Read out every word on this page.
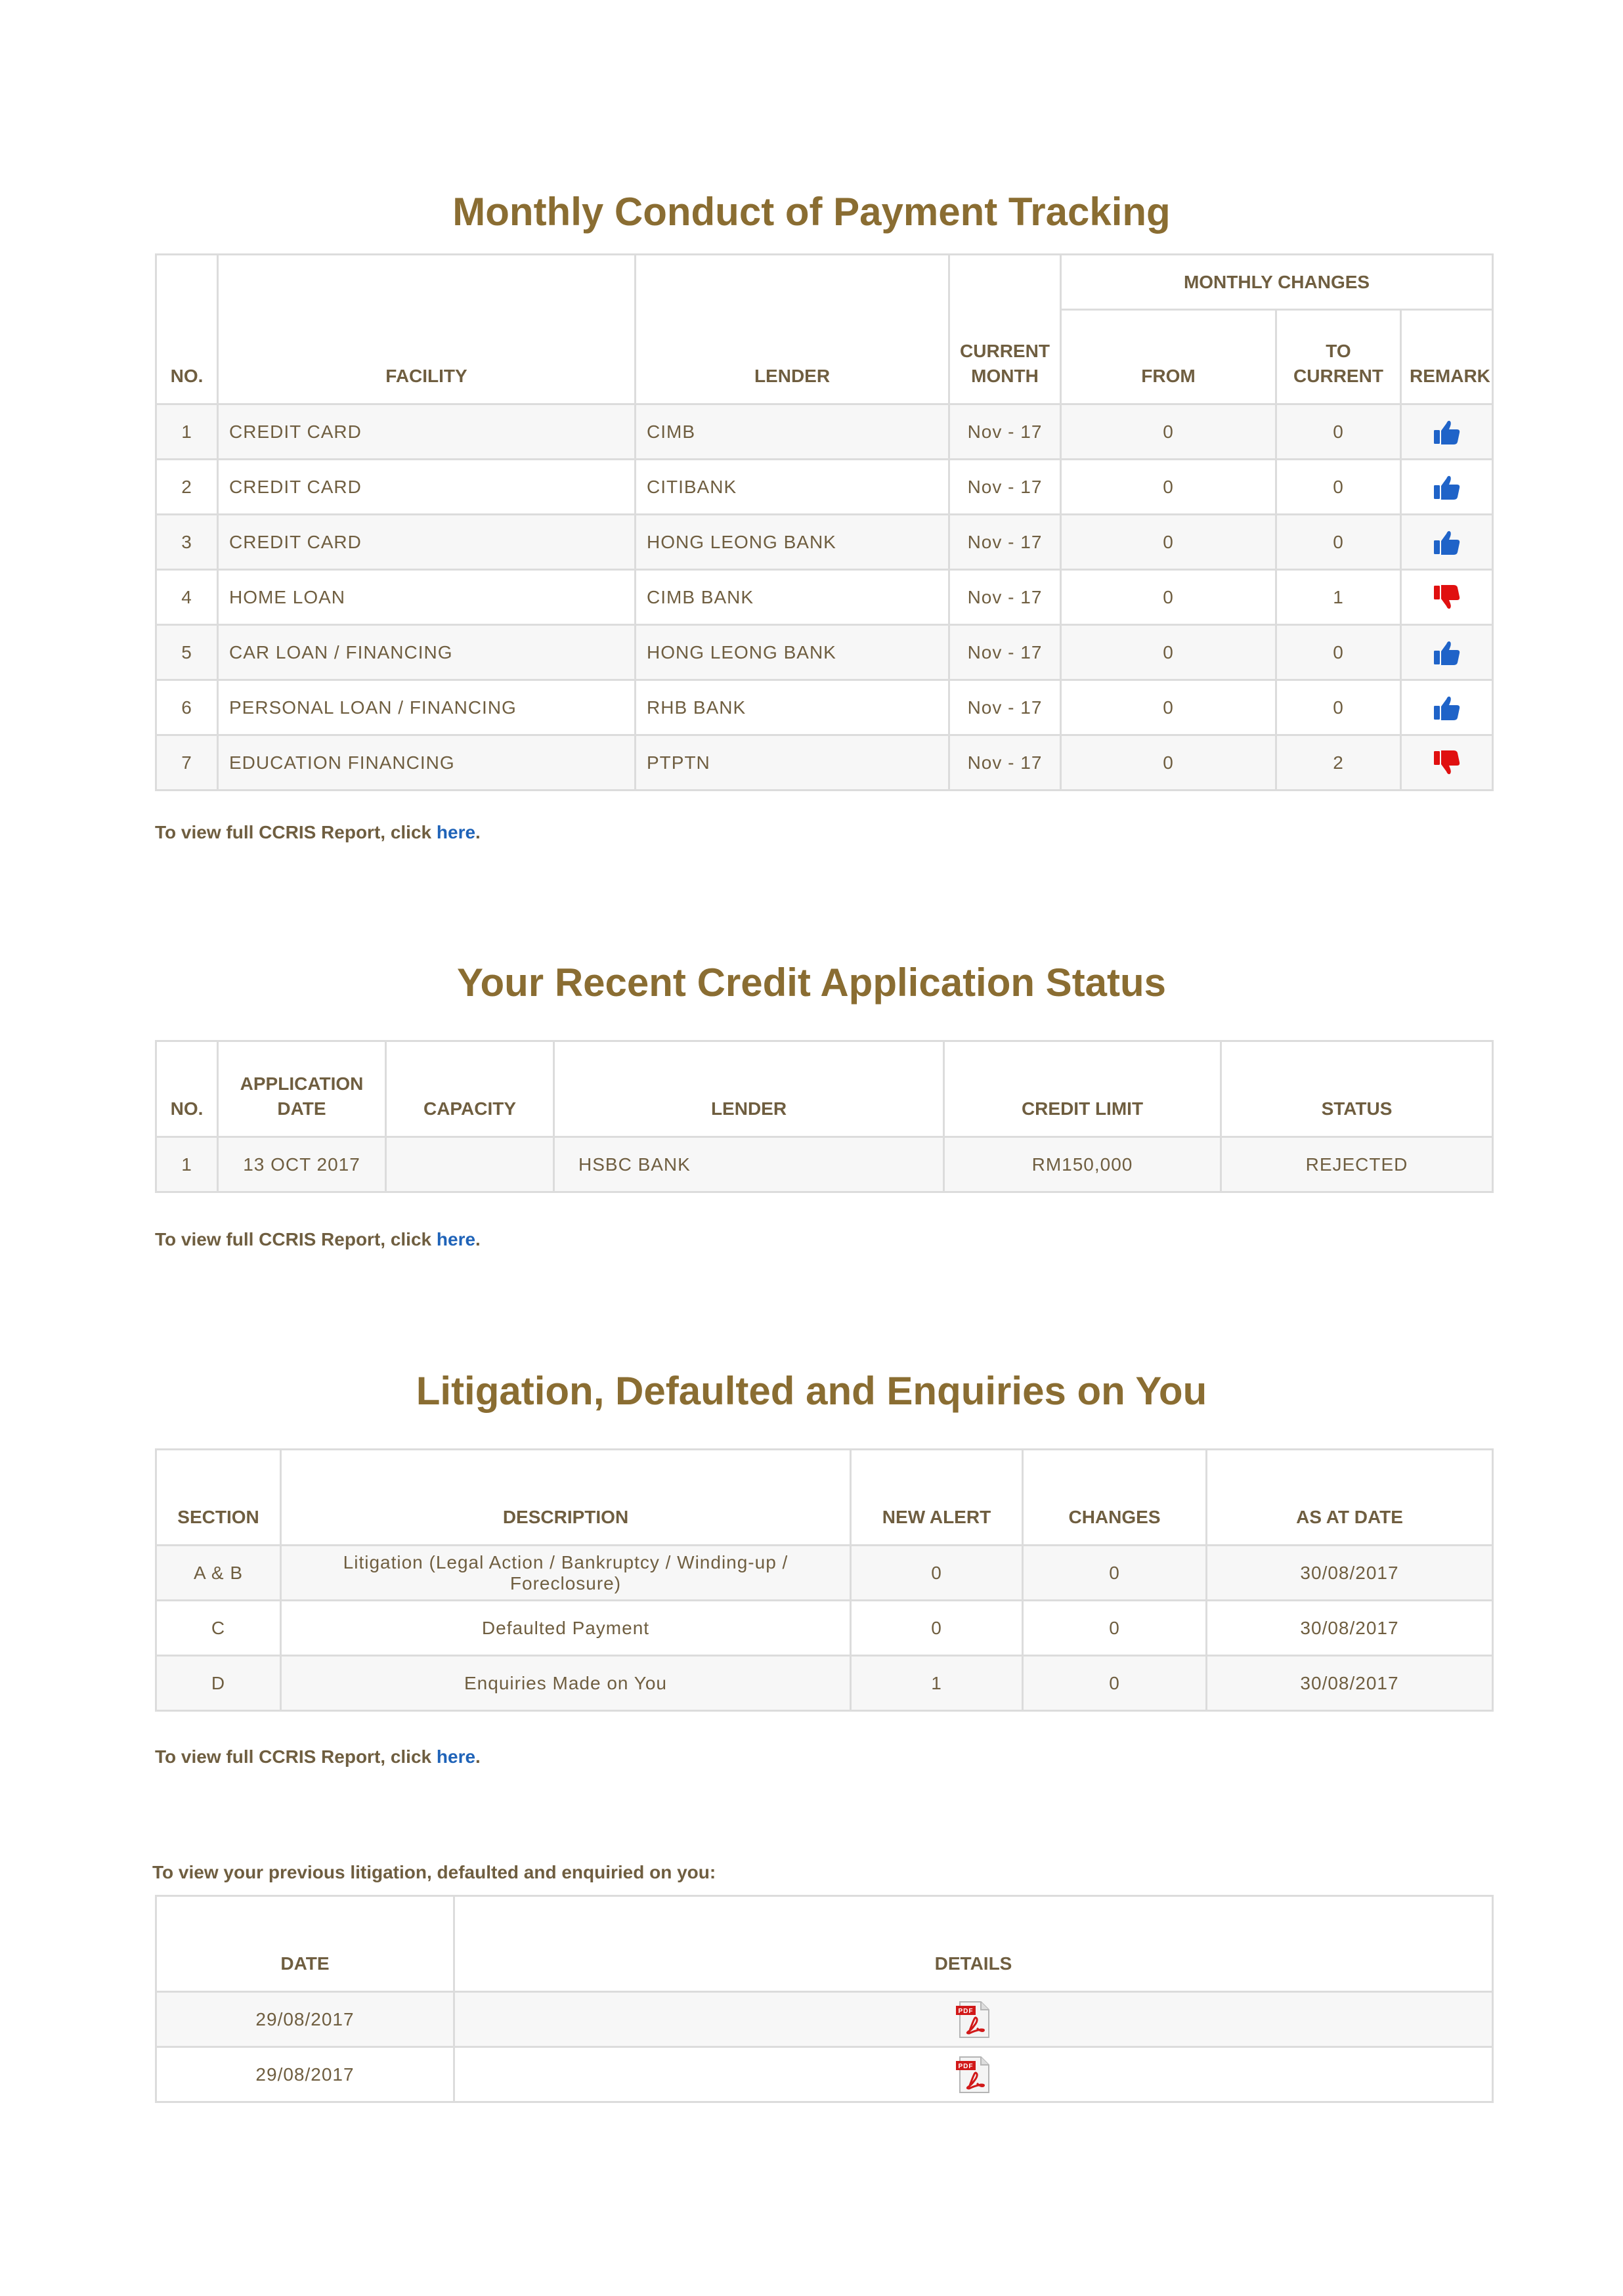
Monthly Conduct of Payment Tracking
NO.	FACILITY	LENDER	CURRENT MONTH	MONTHLY CHANGES		
				FROM	TO CURRENT	REMARK
1	CREDIT CARD	CIMB	Nov - 17	0	0	
2	CREDIT CARD	CITIBANK	Nov - 17	0	0	
3	CREDIT CARD	HONG LEONG BANK	Nov - 17	0	0	
4	HOME LOAN	CIMB BANK	Nov - 17	0	1	
5	CAR LOAN / FINANCING	HONG LEONG BANK	Nov - 17	0	0	
6	PERSONAL LOAN / FINANCING	RHB BANK	Nov - 17	0	0	
7	EDUCATION FINANCING	PTPTN	Nov - 17	0	2	
To view full CCRIS Report, click here.
Your Recent Credit Application Status
NO.	APPLICATION DATE	CAPACITY	LENDER	CREDIT LIMIT	STATUS
1	13 OCT 2017		HSBC BANK	RM150,000	REJECTED
To view full CCRIS Report, click here.
Litigation, Defaulted and Enquiries on You
SECTION	DESCRIPTION	NEW ALERT	CHANGES	AS AT DATE
A & B	Litigation (Legal Action / Bankruptcy / Winding-up / Foreclosure)	0	0	30/08/2017
C	Defaulted Payment	0	0	30/08/2017
D	Enquiries Made on You	1	0	30/08/2017
To view full CCRIS Report, click here.
To view your previous litigation, defaulted and enquiried on you:
DATE	DETAILS
29/08/2017	PDF

29/08/2017	PDF
